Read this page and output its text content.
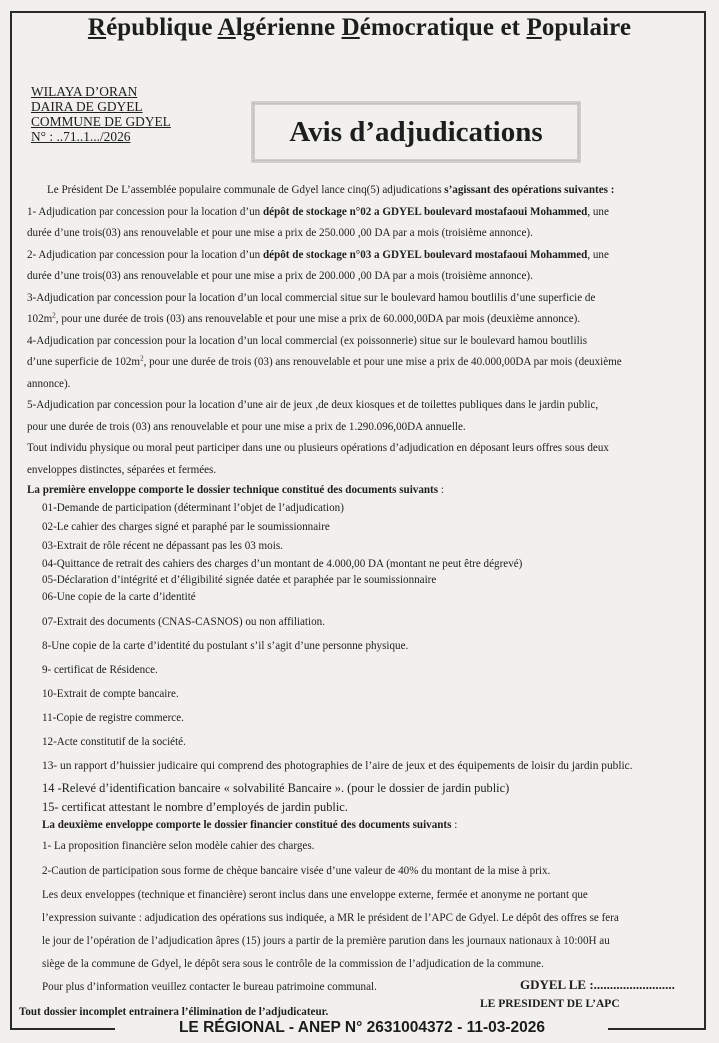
République Algérienne Démocratique et Populaire
WILAYA D’ORAN
DAIRA DE GDYEL
COMMUNE DE GDYEL
N° : ..71..1.../2026	Avis d’adjudications
Le Président De L’assemblée populaire communale de Gdyel lance cinq(5) adjudications s’agissant des opérations suivantes :
1- Adjudication par concession pour la location d’un dépôt de stockage n°02 a GDYEL boulevard mostafaoui Mohammed, une
durée d’une trois(03) ans renouvelable et pour une mise a prix de 250.000 ,00 DA par a mois (troisième annonce).
2- Adjudication par concession pour la location d’un dépôt de stockage n°03 a GDYEL boulevard mostafaoui Mohammed, une
durée d’une trois(03) ans renouvelable et pour une mise a prix de 200.000 ,00 DA par a mois (troisième annonce).
3-Adjudication par concession pour la location d’un local commercial situe sur le boulevard hamou boutlilis d’une superficie de
$102m^2$, pour une durée de trois (03) ans renouvelable et pour une mise a prix de 60.000,00DA par mois (deuxième annonce).
4-Adjudication par concession pour la location d’un local commercial (ex poissonnerie) situe sur le boulevard hamou boutlilis
d’une superficie de $102m^2$, pour une durée de trois (03) ans renouvelable et pour une mise a prix de 40.000,00DA par mois (deuxième
annonce).
5-Adjudication par concession pour la location d’une air de jeux ,de deux kiosques et de toilettes publiques dans le jardin public,
pour une durée de trois (03) ans renouvelable et pour une mise a prix de 1.290.096,00DA annuelle.
Tout individu physique ou moral peut participer dans une ou plusieurs opérations d’adjudication en déposant leurs offres sous deux
enveloppes distinctes, séparées et fermées.
La première enveloppe comporte le dossier technique constitué des documents suivants :
01-Demande de participation (déterminant l’objet de l’adjudication)
02-Le cahier des charges signé et paraphé par le soumissionnaire
03-Extrait de rôle récent ne dépassant pas les 03 mois.
04-Quittance de retrait des cahiers des charges d’un montant de 4.000,00 DA (montant ne peut être dégrevé)
05-Déclaration d’intégrité et d’éligibilité signée datée et paraphée par le soumissionnaire
06-Une copie de la carte d’identité
07-Extrait des documents (CNAS-CASNOS) ou non affiliation.
8-Une copie de la carte d’identité du postulant s’il s’agit d’une personne physique.
9- certificat de Résidence.
10-Extrait de compte bancaire.
11-Copie de registre commerce.
12-Acte constitutif de la société.
13- un rapport d’huissier judicaire qui comprend des photographies de l’aire de jeux et des équipements de loisir du jardin public.
14 -Relevé d’identification bancaire « solvabilité Bancaire ». (pour le dossier de jardin public)
15- certificat attestant le nombre d’employés de jardin public.
La deuxième enveloppe comporte le dossier financier constitué des documents suivants :
1- La proposition financière selon modèle cahier des charges.
2-Caution de participation sous forme de chèque bancaire visée d’une valeur de 40% du montant de la mise à prix.
Les deux enveloppes (technique et financière) seront inclus dans une enveloppe externe, fermée et anonyme ne portant que
l’expression suivante : adjudication des opérations sus indiquée, a MR le président de l’APC de Gdyel. Le dépôt des offres se fera
le jour de l’opération de l’adjudication âpres (15) jours a partir de la première parution dans les journaux nationaux à 10:00H au
siège de la commune de Gdyel, le dépôt sera sous le contrôle de la commission de l’adjudication de la commune.
Pour plus d’information veuillez contacter le bureau patrimoine communal.
Tout dossier incomplet entrainera l’élimination de l’adjudicateur.
GDYEL LE :.........................
LE PRESIDENT DE L’APC
LE RÉGIONAL - ANEP N° 2631004372 - 11-03-2026
